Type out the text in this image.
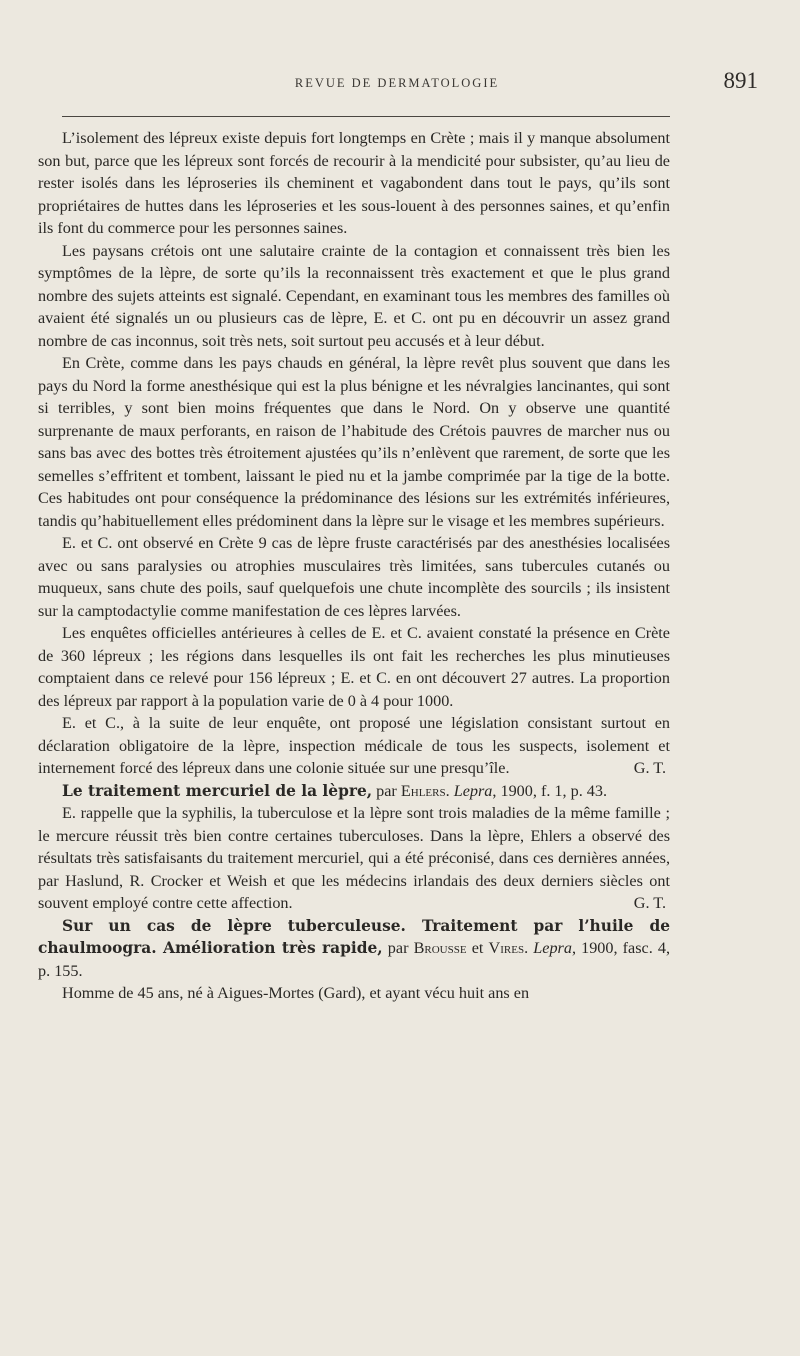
REVUE DE DERMATOLOGIE	891

L’isolement des lépreux existe depuis fort longtemps en Crète ; mais il y manque absolument son but, parce que les lépreux sont forcés de recourir à la mendicité pour subsister, qu’au lieu de rester isolés dans les léproseries ils cheminent et vagabondent dans tout le pays, qu’ils sont propriétaires de huttes dans les léproseries et les sous-louent à des personnes saines, et qu’enfin ils font du commerce pour les personnes saines.

Les paysans crétois ont une salutaire crainte de la contagion et connaissent très bien les symptômes de la lèpre, de sorte qu’ils la reconnaissent très exactement et que le plus grand nombre des sujets atteints est signalé. Cependant, en examinant tous les membres des familles où avaient été signalés un ou plusieurs cas de lèpre, E. et C. ont pu en découvrir un assez grand nombre de cas inconnus, soit très nets, soit surtout peu accusés et à leur début.

En Crète, comme dans les pays chauds en général, la lèpre revêt plus souvent que dans les pays du Nord la forme anesthésique qui est la plus bénigne et les névralgies lancinantes, qui sont si terribles, y sont bien moins fréquentes que dans le Nord. On y observe une quantité surprenante de maux perforants, en raison de l’habitude des Crétois pauvres de marcher nus ou sans bas avec des bottes très étroitement ajustées qu’ils n’enlèvent que rarement, de sorte que les semelles s’effritent et tombent, laissant le pied nu et la jambe comprimée par la tige de la botte. Ces habitudes ont pour conséquence la prédominance des lésions sur les extrémités inférieures, tandis qu’habituellement elles prédominent dans la lèpre sur le visage et les membres supérieurs.

E. et C. ont observé en Crète 9 cas de lèpre fruste caractérisés par des anesthésies localisées avec ou sans paralysies ou atrophies musculaires très limitées, sans tubercules cutanés ou muqueux, sans chute des poils, sauf quelquefois une chute incomplète des sourcils ; ils insistent sur la camptodactylie comme manifestation de ces lèpres larvées.

Les enquêtes officielles antérieures à celles de E. et C. avaient constaté la présence en Crète de 360 lépreux ; les régions dans lesquelles ils ont fait les recherches les plus minutieuses comptaient dans ce relevé pour 156 lépreux ; E. et C. en ont découvert 27 autres. La proportion des lépreux par rapport à la population varie de 0 à 4 pour 1000.

E. et C., à la suite de leur enquête, ont proposé une législation consistant surtout en déclaration obligatoire de la lèpre, inspection médicale de tous les suspects, isolement et internement forcé des lépreux dans une colonie située sur une presqu’île.	G. T.

Le traitement mercuriel de la lèpre, par Ehlers. Lepra, 1900, f. 1, p. 43.

E. rappelle que la syphilis, la tuberculose et la lèpre sont trois maladies de la même famille ; le mercure réussit très bien contre certaines tuberculoses. Dans la lèpre, Ehlers a observé des résultats très satisfaisants du traitement mercuriel, qui a été préconisé, dans ces dernières années, par Haslund, R. Crocker et Weish et que les médecins irlandais des deux derniers siècles ont souvent employé contre cette affection.	G. T.

Sur un cas de lèpre tuberculeuse. Traitement par l’huile de chaulmoogra. Amélioration très rapide, par Brousse et Vires. Lepra, 1900, fasc. 4, p. 155.

Homme de 45 ans, né à Aigues-Mortes (Gard), et ayant vécu huit ans en
